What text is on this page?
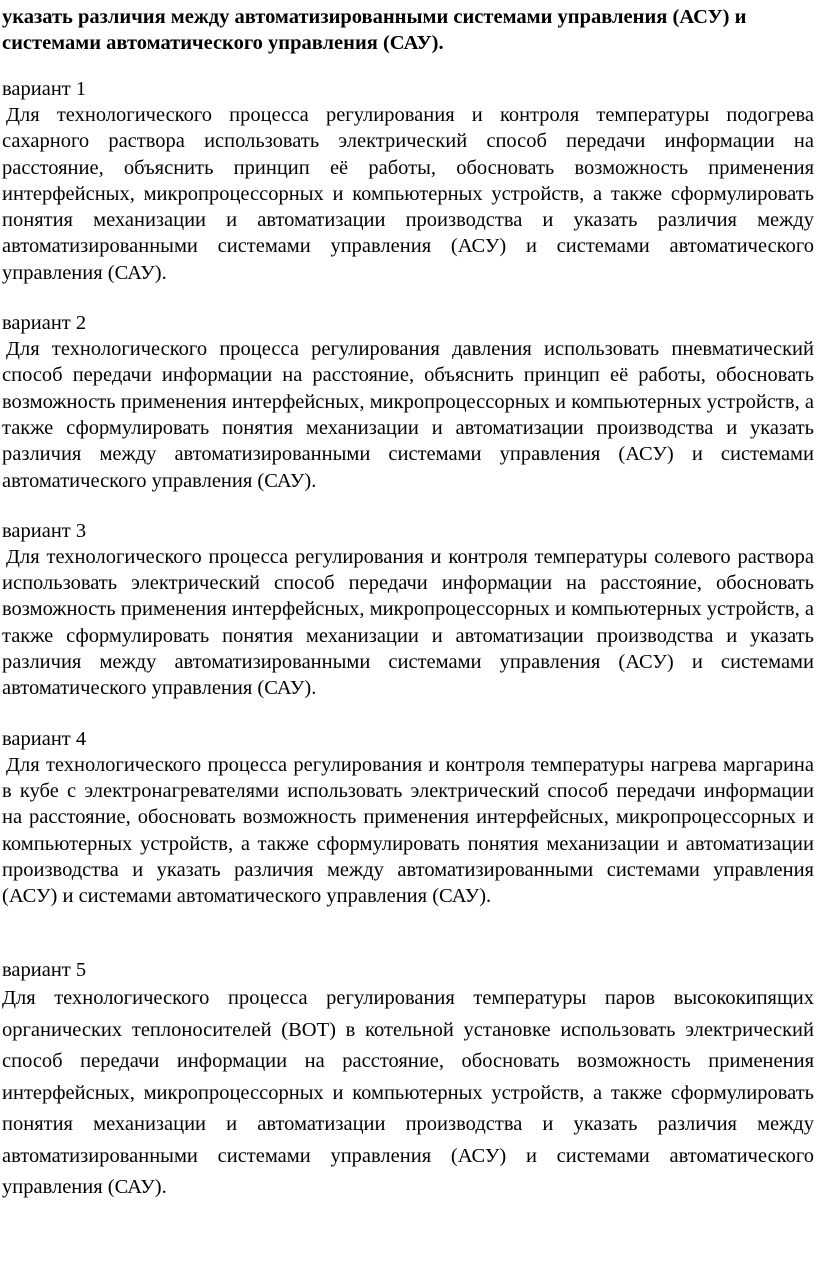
указать различия между автоматизированными системами управления (АСУ) и системами автоматического управления (САУ).

вариант 1

Для технологического процесса регулирования и контроля температуры подогрева сахарного раствора использовать электрический способ передачи информации на расстояние, объяснить принцип её работы, обосновать возможность применения интерфейсных, микропроцессорных и компьютерных устройств, а также сформулировать понятия механизации и автоматизации производства и указать различия между автоматизированными системами управления (АСУ) и системами автоматического управления (САУ).

вариант 2

Для технологического процесса регулирования давления использовать пневматический способ передачи информации на расстояние, объяснить принцип её работы, обосновать возможность применения интерфейсных, микропроцессорных и компьютерных устройств, а также сформулировать понятия механизации и автоматизации производства и указать различия между автоматизированными системами управления (АСУ) и системами автоматического управления (САУ).

вариант 3

Для технологического процесса регулирования и контроля температуры солевого раствора использовать электрический способ передачи информации на расстояние, обосновать возможность применения интерфейсных, микропроцессорных и компьютерных устройств, а также сформулировать понятия механизации и автоматизации производства и указать различия между автоматизированными системами управления (АСУ) и системами автоматического управления (САУ).

вариант 4

Для технологического процесса регулирования и контроля температуры нагрева маргарина в кубе с электронагревателями использовать электрический способ передачи информации на расстояние, обосновать возможность применения интерфейсных, микропроцессорных и компьютерных устройств, а также сформулировать понятия механизации и автоматизации производства и указать различия между автоматизированными системами управления (АСУ) и системами автоматического управления (САУ).

вариант 5

Для технологического процесса регулирования температуры паров высококипящих органических теплоносителей (ВОТ) в котельной установке использовать электрический способ передачи информации на расстояние, обосновать возможность применения интерфейсных, микропроцессорных и компьютерных устройств, а также сформулировать понятия механизации и автоматизации производства и указать различия между автоматизированными системами управления (АСУ) и системами автоматического управления (САУ).
